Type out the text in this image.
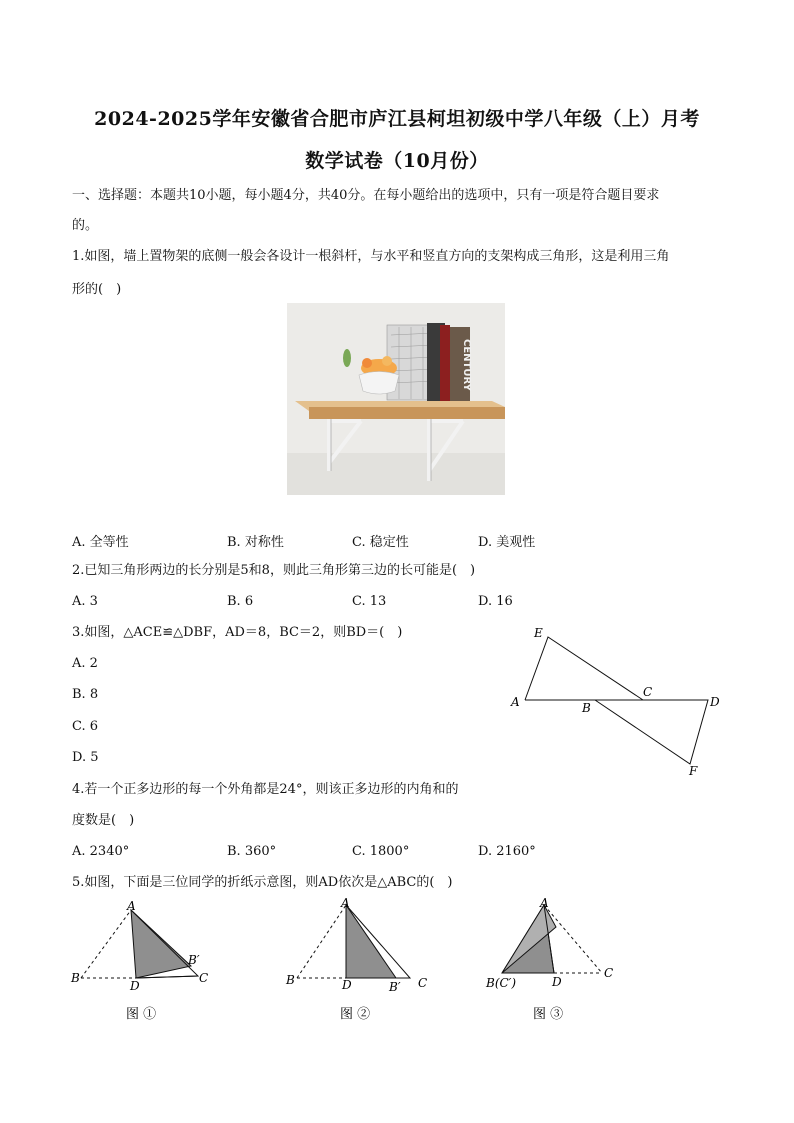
2024-2025学年安徽省合肥市庐江县柯坦初级中学八年级（上）月考
数学试卷（10月份）
一、选择题：本题共10小题，每小题4分，共40分。在每小题给出的选项中，只有一项是符合题目要求
的。
1.如图，墙上置物架的底侧一般会各设计一根斜杆，与水平和竖直方向的支架构成三角形，这是利用三角
形的(　)
CENTURY
A. 全等性	B. 对称性	C. 稳定性	D. 美观性
2.已知三角形两边的长分别是5和8，则此三角形第三边的长可能是(　)
A. 3	B. 6	C. 13	D. 16
3.如图，△ACE≌△DBF，AD＝8，BC＝2，则BD＝(　)
A. 2
B. 8
C. 6
D. 5
E
A	B
C
D
F
4.若一个正多边形的每一个外角都是24°，则该正多边形的内角和的
度数是(　)
A. 2340°	B. 360°	C. 1800°	D. 2160°
5.如图，下面是三位同学的折纸示意图，则AD依次是△ABC的(　)
A
B	C
D
B′
图 ①
A
B	C
D	B′
图 ②
A
B(C′)
C
D
图 ③
